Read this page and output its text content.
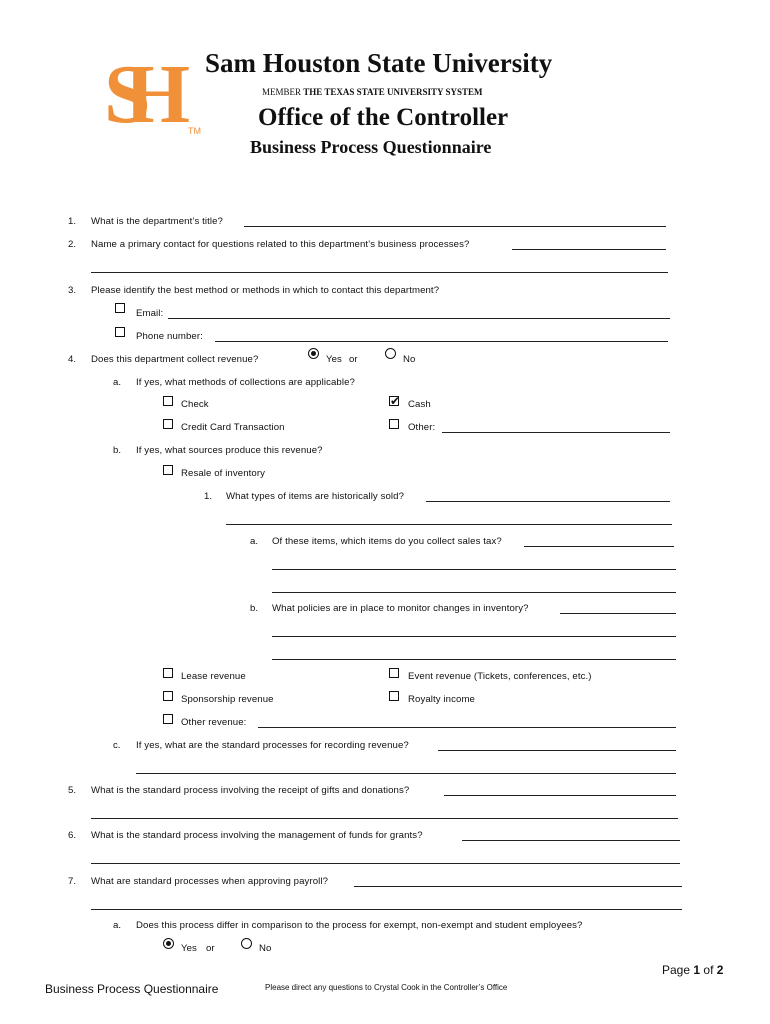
SH	TM
Sam Houston State University
MEMBER THE TEXAS STATE UNIVERSITY SYSTEM
Office of the Controller
Business Process Questionnaire
1. What is the department’s title?
2. Name a primary contact for questions related to this department’s business processes?
3. Please identify the best method or methods in which to contact this department?
Email:
Phone number:
4. Does this department collect revenue?	Yes or	No
a. If yes, what methods of collections are applicable?
Check	✔ Cash
Credit Card Transaction	Other:
b. If yes, what sources produce this revenue?
Resale of inventory
1. What types of items are historically sold?
a. Of these items, which items do you collect sales tax?
b. What policies are in place to monitor changes in inventory?
Lease revenue	Event revenue (Tickets, conferences, etc.)
Sponsorship revenue	Royalty income
Other revenue:
c. If yes, what are the standard processes for recording revenue?
5. What is the standard process involving the receipt of gifts and donations?
6. What is the standard process involving the management of funds for grants?
7. What are standard processes when approving payroll?
a. Does this process differ in comparison to the process for exempt, non-exempt and student employees?
Yes or	No
Page 1 of 2
Business Process Questionnaire	Please direct any questions to Crystal Cook in the Controller’s Office
